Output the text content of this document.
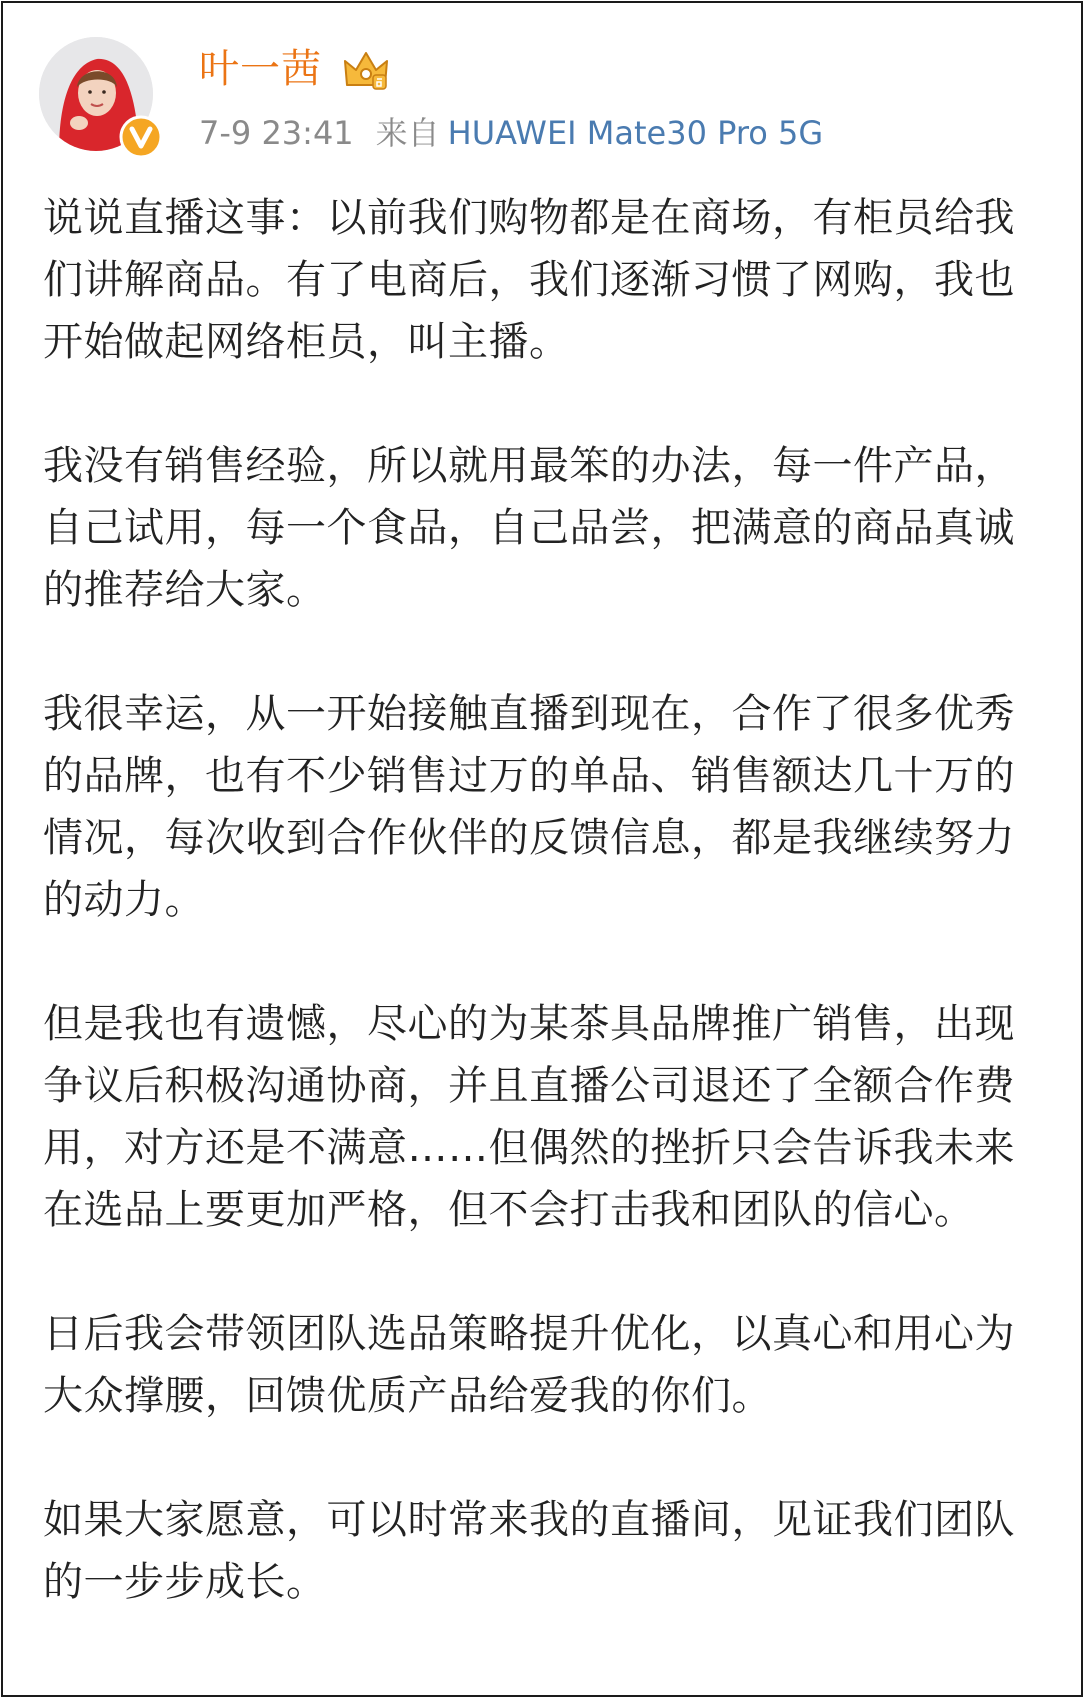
叶一茜
7-9 23:41 来自 HUAWEI Mate30 Pro 5G

说说直播这事：以前我们购物都是在商场，有柜员给我们讲解商品。有了电商后，我们逐渐习惯了网购，我也开始做起网络柜员，叫主播。

我没有销售经验，所以就用最笨的办法，每一件产品，自己试用，每一个食品，自己品尝，把满意的商品真诚的推荐给大家。

我很幸运，从一开始接触直播到现在，合作了很多优秀的品牌，也有不少销售过万的单品、销售额达几十万的情况，每次收到合作伙伴的反馈信息，都是我继续努力的动力。

但是我也有遗憾，尽心的为某茶具品牌推广销售，出现争议后积极沟通协商，并且直播公司退还了全额合作费用，对方还是不满意……但偶然的挫折只会告诉我未来在选品上要更加严格，但不会打击我和团队的信心。

日后我会带领团队选品策略提升优化，以真心和用心为大众撑腰，回馈优质产品给爱我的你们。

如果大家愿意，可以时常来我的直播间，见证我们团队的一步步成长。
